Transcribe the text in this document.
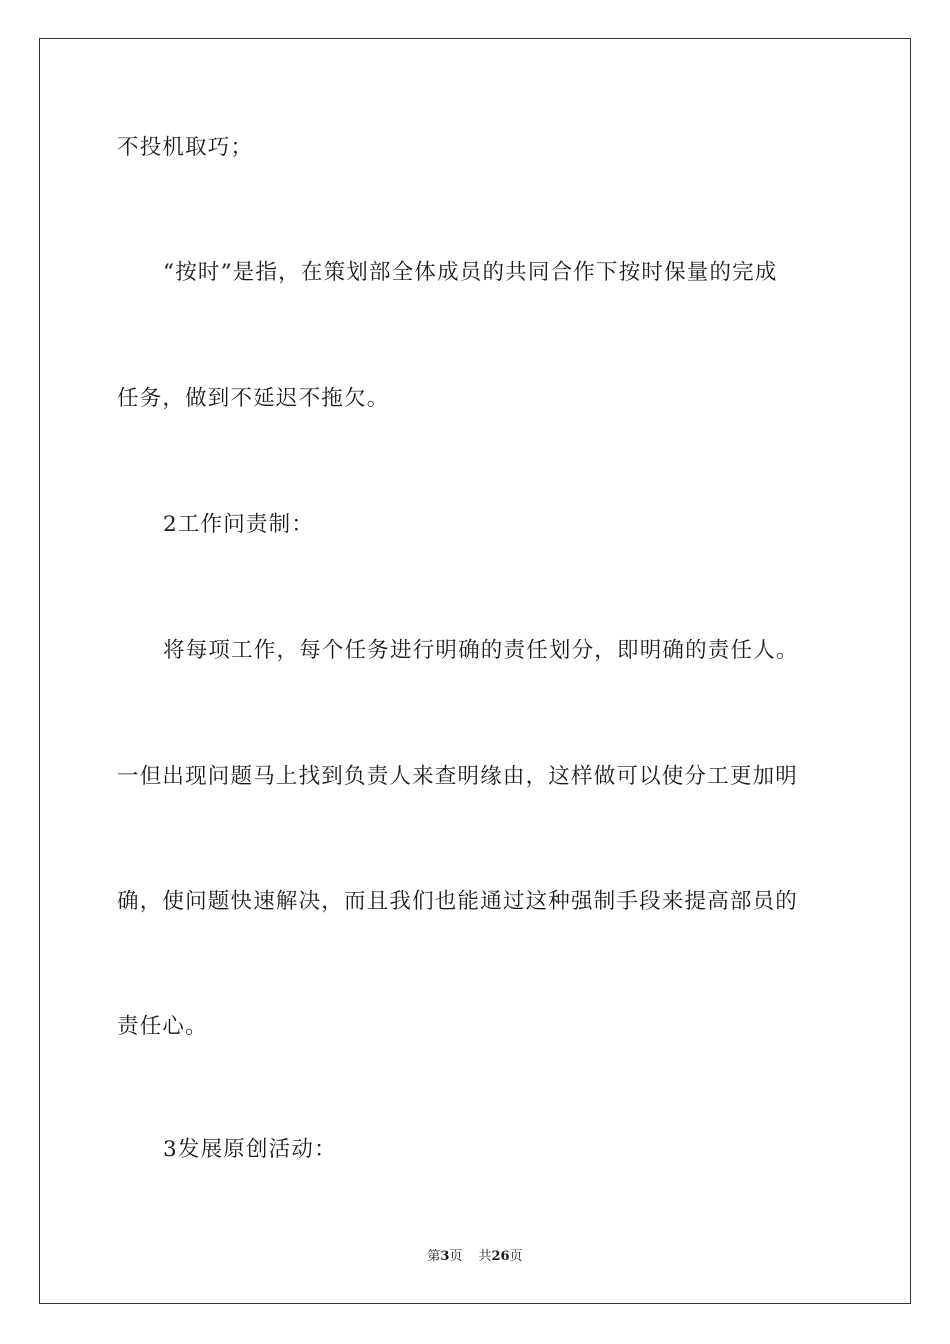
不投机取巧；
“按时”是指，在策划部全体成员的共同合作下按时保量的完成
任务，做到不延迟不拖欠。
2工作问责制：
将每项工作，每个任务进行明确的责任划分，即明确的责任人。
一但出现问题马上找到负责人来查明缘由，这样做可以使分工更加明
确，使问题快速解决，而且我们也能通过这种强制手段来提高部员的
责任心。
3发展原创活动：
第3页 共26页
